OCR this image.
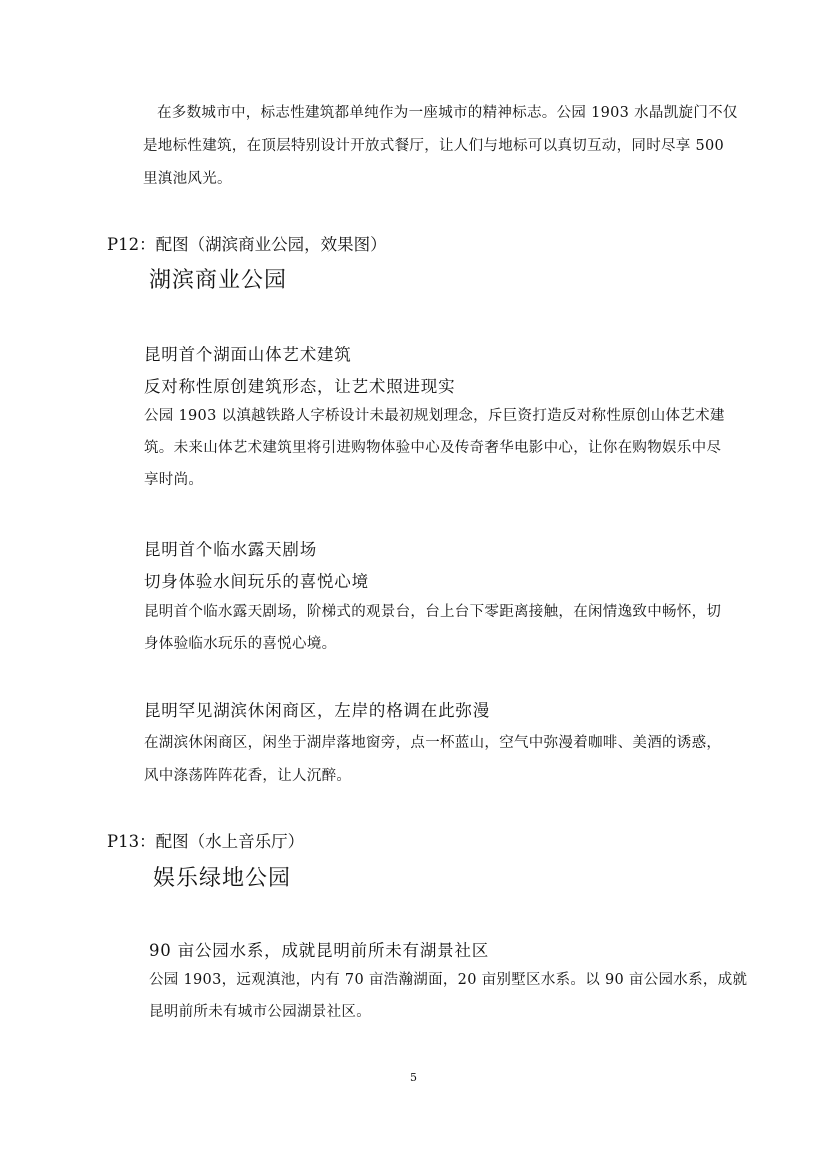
在多数城市中，标志性建筑都单纯作为一座城市的精神标志。公园 1903 水晶凯旋门不仅
是地标性建筑，在顶层特别设计开放式餐厅，让人们与地标可以真切互动，同时尽享 500
里滇池风光。
P12：配图（湖滨商业公园，效果图）
湖滨商业公园
昆明首个湖面山体艺术建筑
反对称性原创建筑形态，让艺术照进现实
公园 1903 以滇越铁路人字桥设计未最初规划理念，斥巨资打造反对称性原创山体艺术建
筑。未来山体艺术建筑里将引进购物体验中心及传奇奢华电影中心，让你在购物娱乐中尽
享时尚。
昆明首个临水露天剧场
切身体验水间玩乐的喜悦心境
昆明首个临水露天剧场，阶梯式的观景台，台上台下零距离接触，在闲情逸致中畅怀，切
身体验临水玩乐的喜悦心境。
昆明罕见湖滨休闲商区，左岸的格调在此弥漫
在湖滨休闲商区，闲坐于湖岸落地窗旁，点一杯蓝山，空气中弥漫着咖啡、美酒的诱惑，
风中涤荡阵阵花香，让人沉醉。
P13：配图（水上音乐厅）
娱乐绿地公园
90 亩公园水系，成就昆明前所未有湖景社区
公园 1903，远观滇池，内有 70 亩浩瀚湖面，20 亩别墅区水系。以 90 亩公园水系，成就
昆明前所未有城市公园湖景社区。
5
